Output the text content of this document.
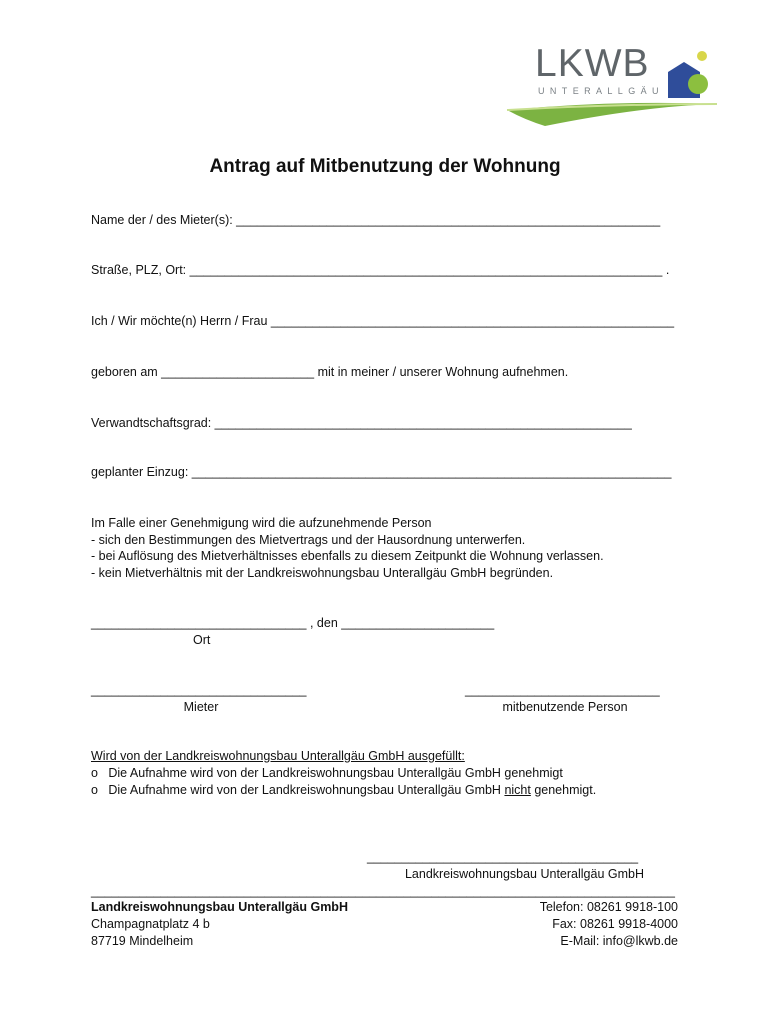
LKWB
UNTERALLGÄU
Antrag auf Mitbenutzung der Wohnung
Name der / des Mieter(s): _____________________________________________________________
Straße, PLZ, Ort: ____________________________________________________________________ .
Ich / Wir möchte(n) Herrn / Frau __________________________________________________________
geboren am ______________________ mit in meiner / unserer Wohnung aufnehmen.
Verwandtschaftsgrad: ____________________________________________________________
geplanter Einzug: _____________________________________________________________________
Im Falle einer Genehmigung wird die aufzunehmende Person
- sich den Bestimmungen des Mietvertrags und der Hausordnung unterwerfen.
- bei Auflösung des Mietverhältnisses ebenfalls zu diesem Zeitpunkt die Wohnung verlassen.
- kein Mietverhältnis mit der Landkreiswohnungsbau Unterallgäu GmbH begründen.
_______________________________ , den ______________________
Ort
_______________________________
Mieter
____________________________
mitbenutzende Person
Wird von der Landkreiswohnungsbau Unterallgäu GmbH ausgefüllt:
o Die Aufnahme wird von der Landkreiswohnungsbau Unterallgäu GmbH genehmigt
o Die Aufnahme wird von der Landkreiswohnungsbau Unterallgäu GmbH nicht genehmigt.
_______________________________________
Landkreiswohnungsbau Unterallgäu GmbH
____________________________________________________________________________________
Landkreiswohnungsbau Unterallgäu GmbH
Champagnatplatz 4 b
87719 Mindelheim
Telefon: 08261 9918-100
Fax: 08261 9918-4000
E-Mail: info@lkwb.de
